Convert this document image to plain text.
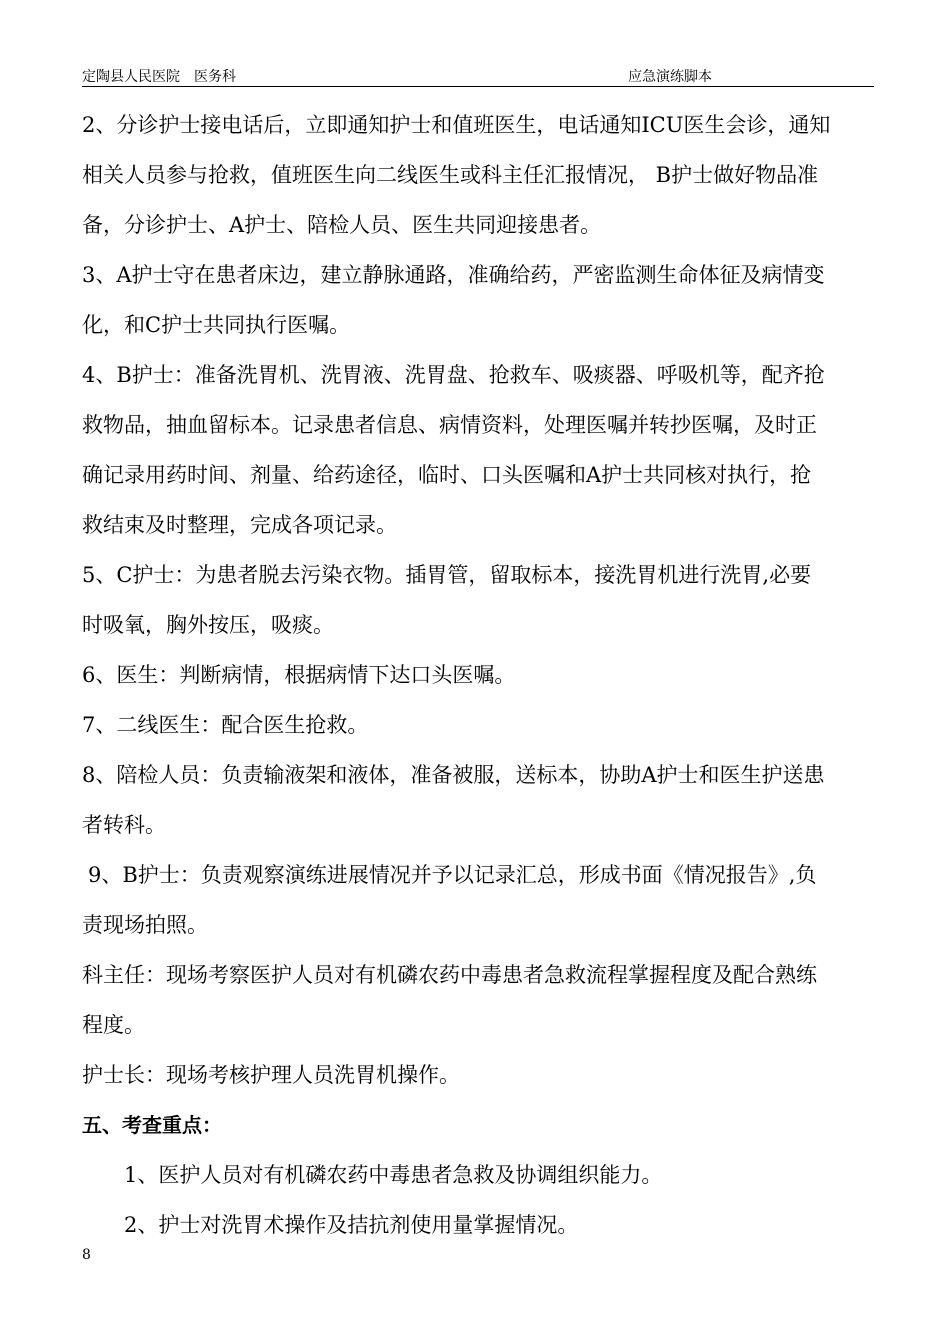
定陶县人民医院 医务科	应急演练脚本

2、分诊护士接电话后，立即通知护士和值班医生，电话通知ICU医生会诊，通知

相关人员参与抢救，值班医生向二线医生或科主任汇报情况， B护士做好物品准

备，分诊护士、A护士、陪检人员、医生共同迎接患者。

3、A护士守在患者床边，建立静脉通路，准确给药，严密监测生命体征及病情变

化，和C护士共同执行医嘱。

4、B护士：准备洗胃机、洗胃液、洗胃盘、抢救车、吸痰器、呼吸机等，配齐抢

救物品，抽血留标本。记录患者信息、病情资料，处理医嘱并转抄医嘱，及时正

确记录用药时间、剂量、给药途径，临时、口头医嘱和A护士共同核对执行，抢

救结束及时整理，完成各项记录。

5、C护士：为患者脱去污染衣物。插胃管，留取标本，接洗胃机进行洗胃,必要

时吸氧，胸外按压，吸痰。

6、医生：判断病情，根据病情下达口头医嘱。

7、二线医生：配合医生抢救。

8、陪检人员：负责输液架和液体，准备被服，送标本，协助A护士和医生护送患

者转科。

9、B护士：负责观察演练进展情况并予以记录汇总，形成书面《情况报告》,负

责现场拍照。

科主任：现场考察医护人员对有机磷农药中毒患者急救流程掌握程度及配合熟练

程度。

护士长：现场考核护理人员洗胃机操作。

五、考查重点：

1、医护人员对有机磷农药中毒患者急救及协调组织能力。

2、护士对洗胃术操作及拮抗剂使用量掌握情况。

8
